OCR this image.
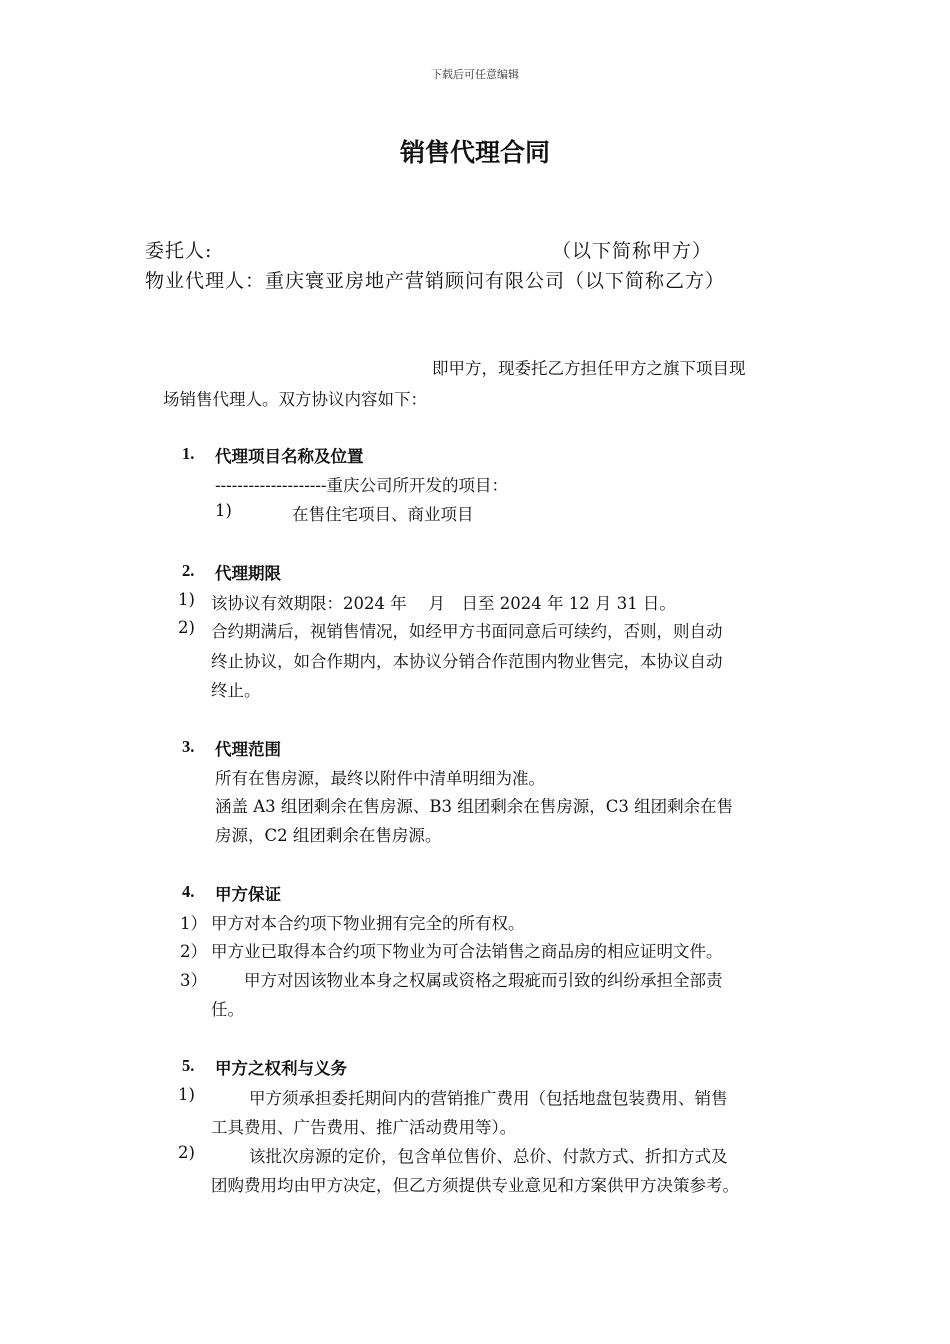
下载后可任意编辑
销售代理合同
委托人:	（以下简称甲方）
物业代理人：重庆寰亚房地产营销顾问有限公司（以下简称乙方）
即甲方，现委托乙方担任甲方之旗下项目现
场销售代理人。双方协议内容如下：
1. 代理项目名称及位置
--------------------重庆公司所开发的项目：
1)	在售住宅项目、商业项目
2. 代理期限
1) 该协议有效期限：2024 年　 月　日至 2024 年 12 月 31 日。
2) 合约期满后，视销售情况，如经甲方书面同意后可续约，否则，则自动
终止协议，如合作期内，本协议分销合作范围内物业售完，本协议自动
终止。
3. 代理范围
所有在售房源，最终以附件中清单明细为准。
涵盖 A3 组团剩余在售房源、B3 组团剩余在售房源，C3 组团剩余在售
房源，C2 组团剩余在售房源。
4. 甲方保证
1） 甲方对本合约项下物业拥有完全的所有权。
2） 甲方业已取得本合约项下物业为可合法销售之商品房的相应证明文件。
3） 甲方对因该物业本身之权属或资格之瑕疵而引致的纠纷承担全部责
任。
5. 甲方之权利与义务
1)	甲方须承担委托期间内的营销推广费用（包括地盘包装费用、销售
工具费用、广告费用、推广活动费用等）。
2)	该批次房源的定价，包含单位售价、总价、付款方式、折扣方式及
团购费用均由甲方决定，但乙方须提供专业意见和方案供甲方决策参考。
